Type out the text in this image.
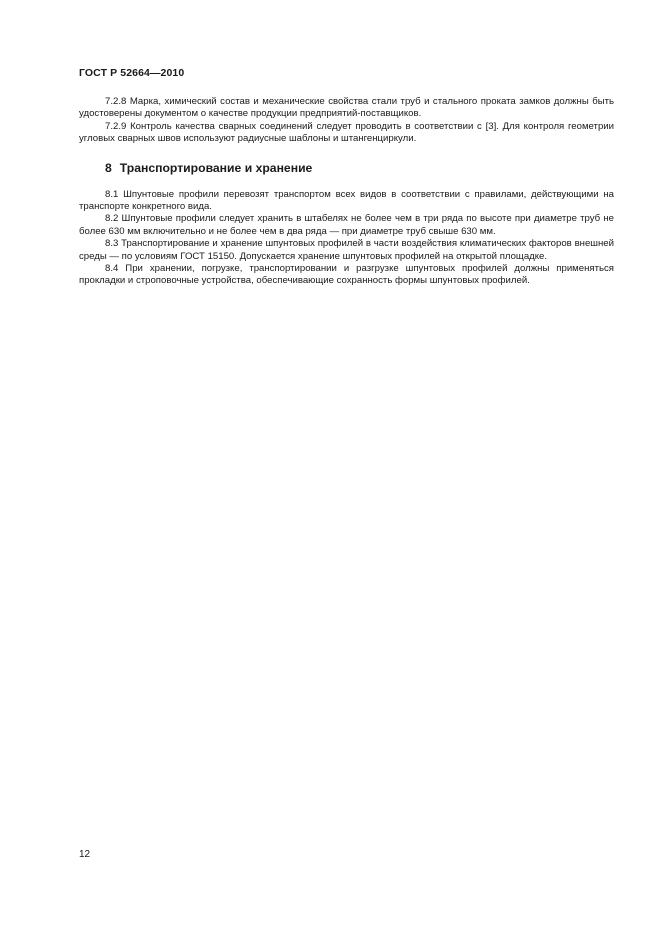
ГОСТ Р 52664—2010

7.2.8 Марка, химический состав и механические свойства стали труб и стального проката замков должны быть удостоверены документом о качестве продукции предприятий-поставщиков.

7.2.9 Контроль качества сварных соединений следует проводить в соответствии с [3]. Для контроля геометрии угловых сварных швов используют радиусные шаблоны и штангенциркули.

8 Транспортирование и хранение

8.1 Шпунтовые профили перевозят транспортом всех видов в соответствии с правилами, действующими на транспорте конкретного вида.

8.2 Шпунтовые профили следует хранить в штабелях не более чем в три ряда по высоте при диаметре труб не более 630 мм включительно и не более чем в два ряда — при диаметре труб свыше 630 мм.

8.3 Транспортирование и хранение шпунтовых профилей в части воздействия климатических факторов внешней среды — по условиям ГОСТ 15150. Допускается хранение шпунтовых профилей на открытой площадке.

8.4 При хранении, погрузке, транспортировании и разгрузке шпунтовых профилей должны применяться прокладки и строповочные устройства, обеспечивающие сохранность формы шпунтовых профилей.

12
